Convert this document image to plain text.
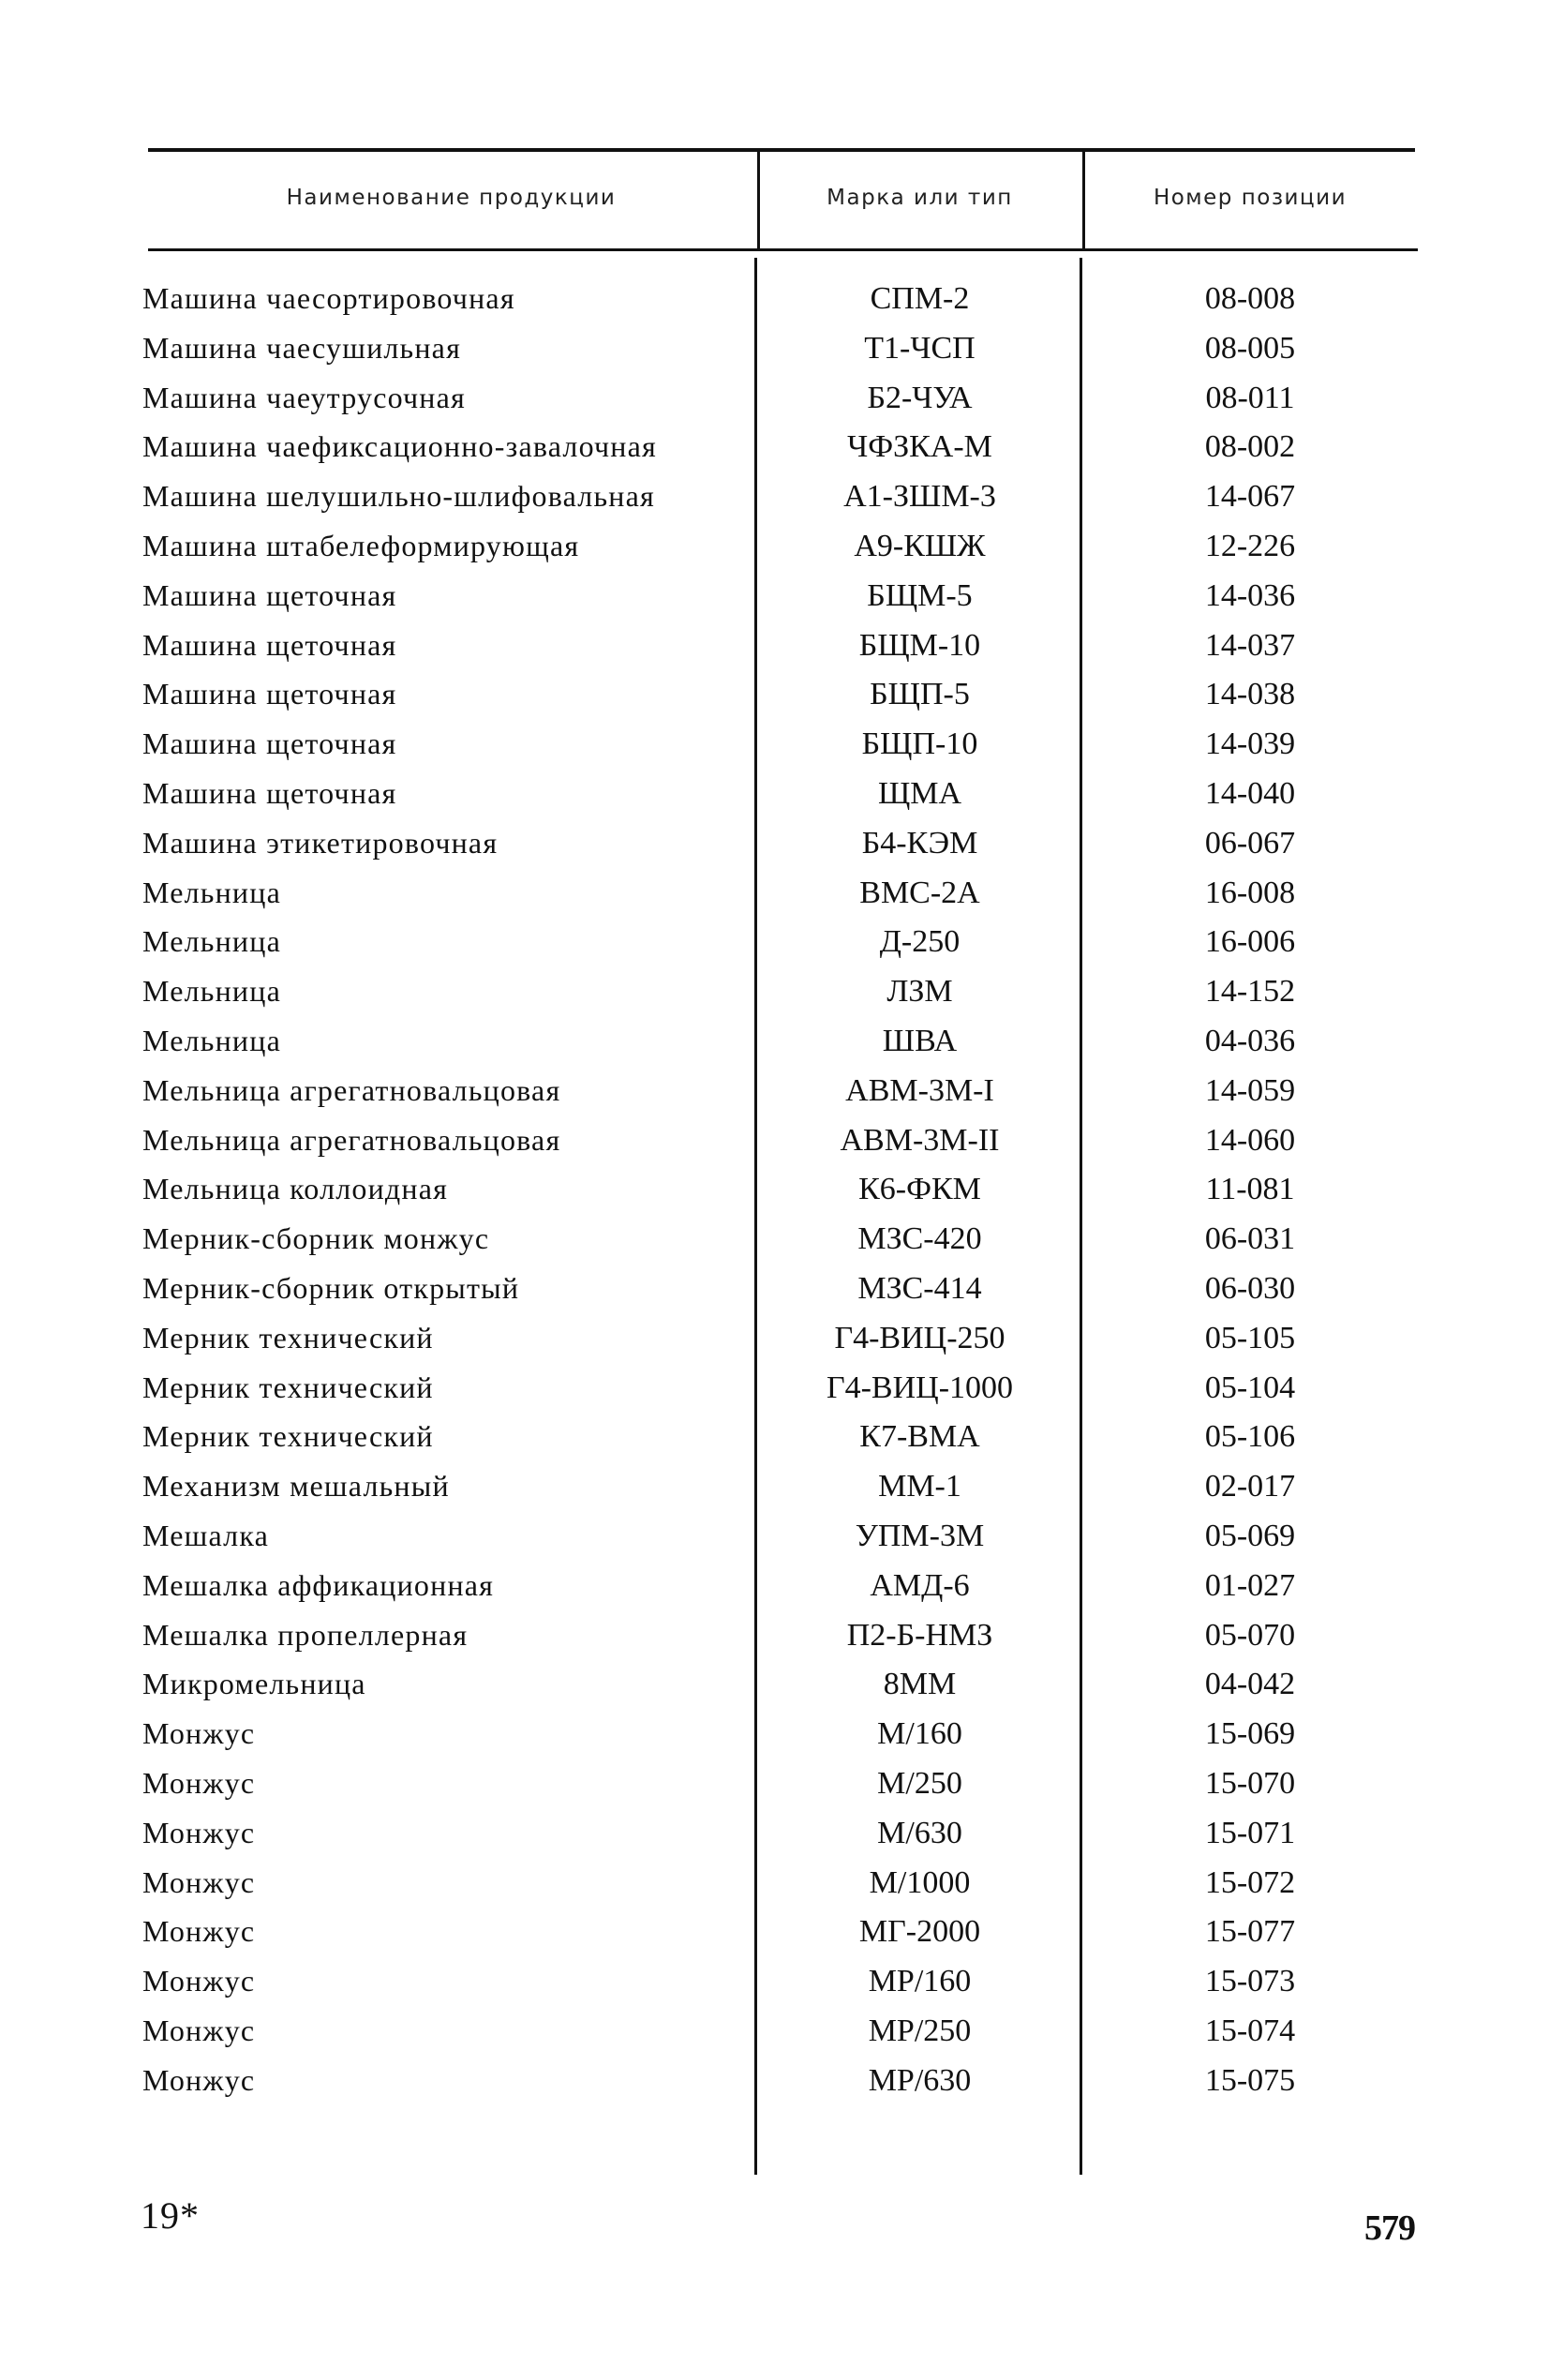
Наименование продукции	Марка или тип	Номер позиции
Машина чаесортировочная	СПМ-2	08-008
Машина чаесушильная	Т1-ЧСП	08-005
Машина чаеутрусочная	Б2-ЧУА	08-011
Машина чаефиксационно-завалочная	ЧФЗКА-М	08-002
Машина шелушильно-шлифовальная	А1-ЗШМ-3	14-067
Машина штабелеформирующая	А9-КШЖ	12-226
Машина щеточная	БЩМ-5	14-036
Машина щеточная	БЩМ-10	14-037
Машина щеточная	БЩП-5	14-038
Машина щеточная	БЩП-10	14-039
Машина щеточная	ЩМА	14-040
Машина этикетировочная	Б4-КЭМ	06-067
Мельница	ВМС-2А	16-008
Мельница	Д-250	16-006
Мельница	ЛЗМ	14-152
Мельница	ШВА	04-036
Мельница агрегатновальцовая	АВМ-3М-I	14-059
Мельница агрегатновальцовая	АВМ-3М-II	14-060
Мельница коллоидная	К6-ФКМ	11-081
Мерник-сборник монжус	МЗС-420	06-031
Мерник-сборник открытый	МЗС-414	06-030
Мерник технический	Г4-ВИЦ-250	05-105
Мерник технический	Г4-ВИЦ-1000	05-104
Мерник технический	К7-ВМА	05-106
Механизм мешальный	ММ-1	02-017
Мешалка	УПМ-3М	05-069
Мешалка аффикационная	АМД-6	01-027
Мешалка пропеллерная	П2-Б-НМЗ	05-070
Микромельница	8ММ	04-042
Монжус	М/160	15-069
Монжус	М/250	15-070
Монжус	М/630	15-071
Монжус	М/1000	15-072
Монжус	МГ-2000	15-077
Монжус	МР/160	15-073
Монжус	МР/250	15-074
Монжус	МР/630	15-075
19*	579
